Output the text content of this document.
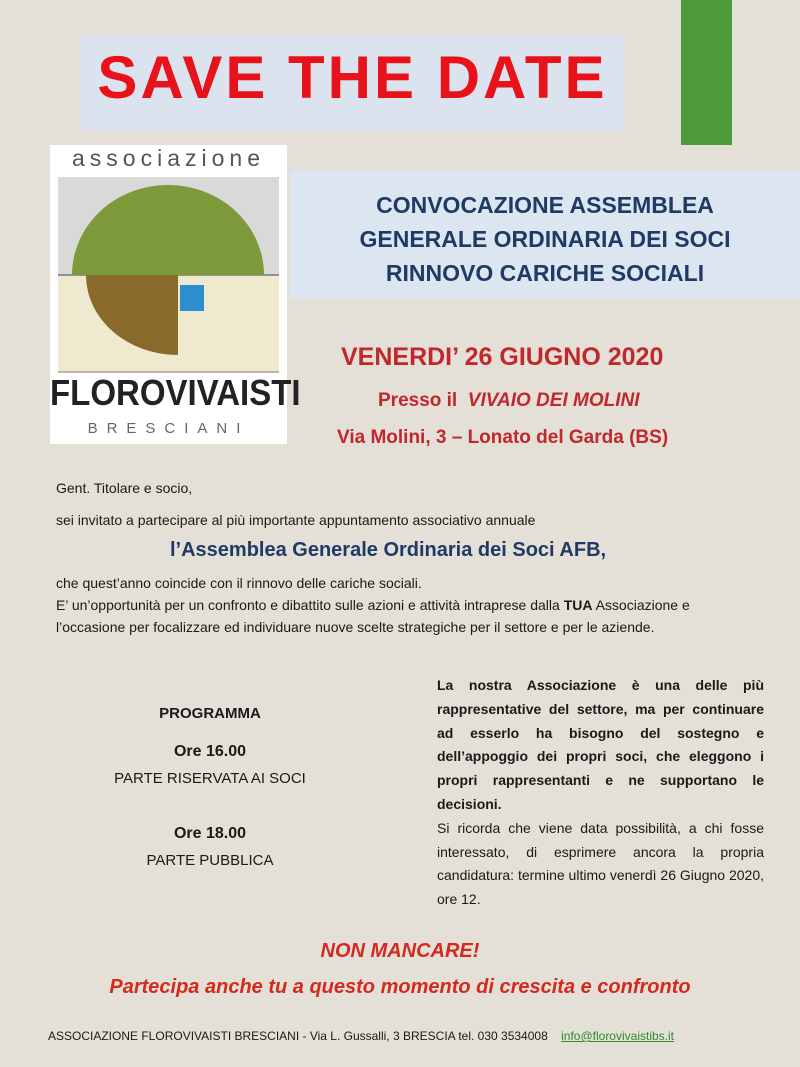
SAVE THE DATE
associazione
FLOROVIVAISTI
BRESCIANI
CONVOCAZIONE ASSEMBLEA
GENERALE ORDINARIA DEI SOCI
RINNOVO CARICHE SOCIALI
VENERDI’ 26 GIUGNO 2020
Presso il VIVAIO DEI MOLINI
Via Molini, 3 – Lonato del Garda (BS)
Gent. Titolare e socio,
sei invitato a partecipare al più importante appuntamento associativo annuale
l’Assemblea Generale Ordinaria dei Soci AFB,
che quest’anno coincide con il rinnovo delle cariche sociali.
E’ un’opportunità per un confronto e dibattito sulle azioni e attività intraprese dalla TUA Associazione e l’occasione per focalizzare ed individuare nuove scelte strategiche per il settore e per le aziende.
PROGRAMMA
Ore 16.00
PARTE RISERVATA AI SOCI
Ore 18.00
PARTE PUBBLICA
La nostra Associazione è una delle più rappresentative del settore, ma per continuare ad esserlo ha bisogno del sostegno e dell’appoggio dei propri soci, che eleggono i propri rappresentanti e ne supportano le decisioni.
Si ricorda che viene data possibilità, a chi fosse interessato, di esprimere ancora la propria candidatura: termine ultimo venerdì 26 Giugno 2020, ore 12.
NON MANCARE!
Partecipa anche tu a questo momento di crescita e confronto
ASSOCIAZIONE FLOROVIVAISTI BRESCIANI - Via L. Gussalli, 3 BRESCIA tel. 030 3534008 info@florovivaistibs.it
